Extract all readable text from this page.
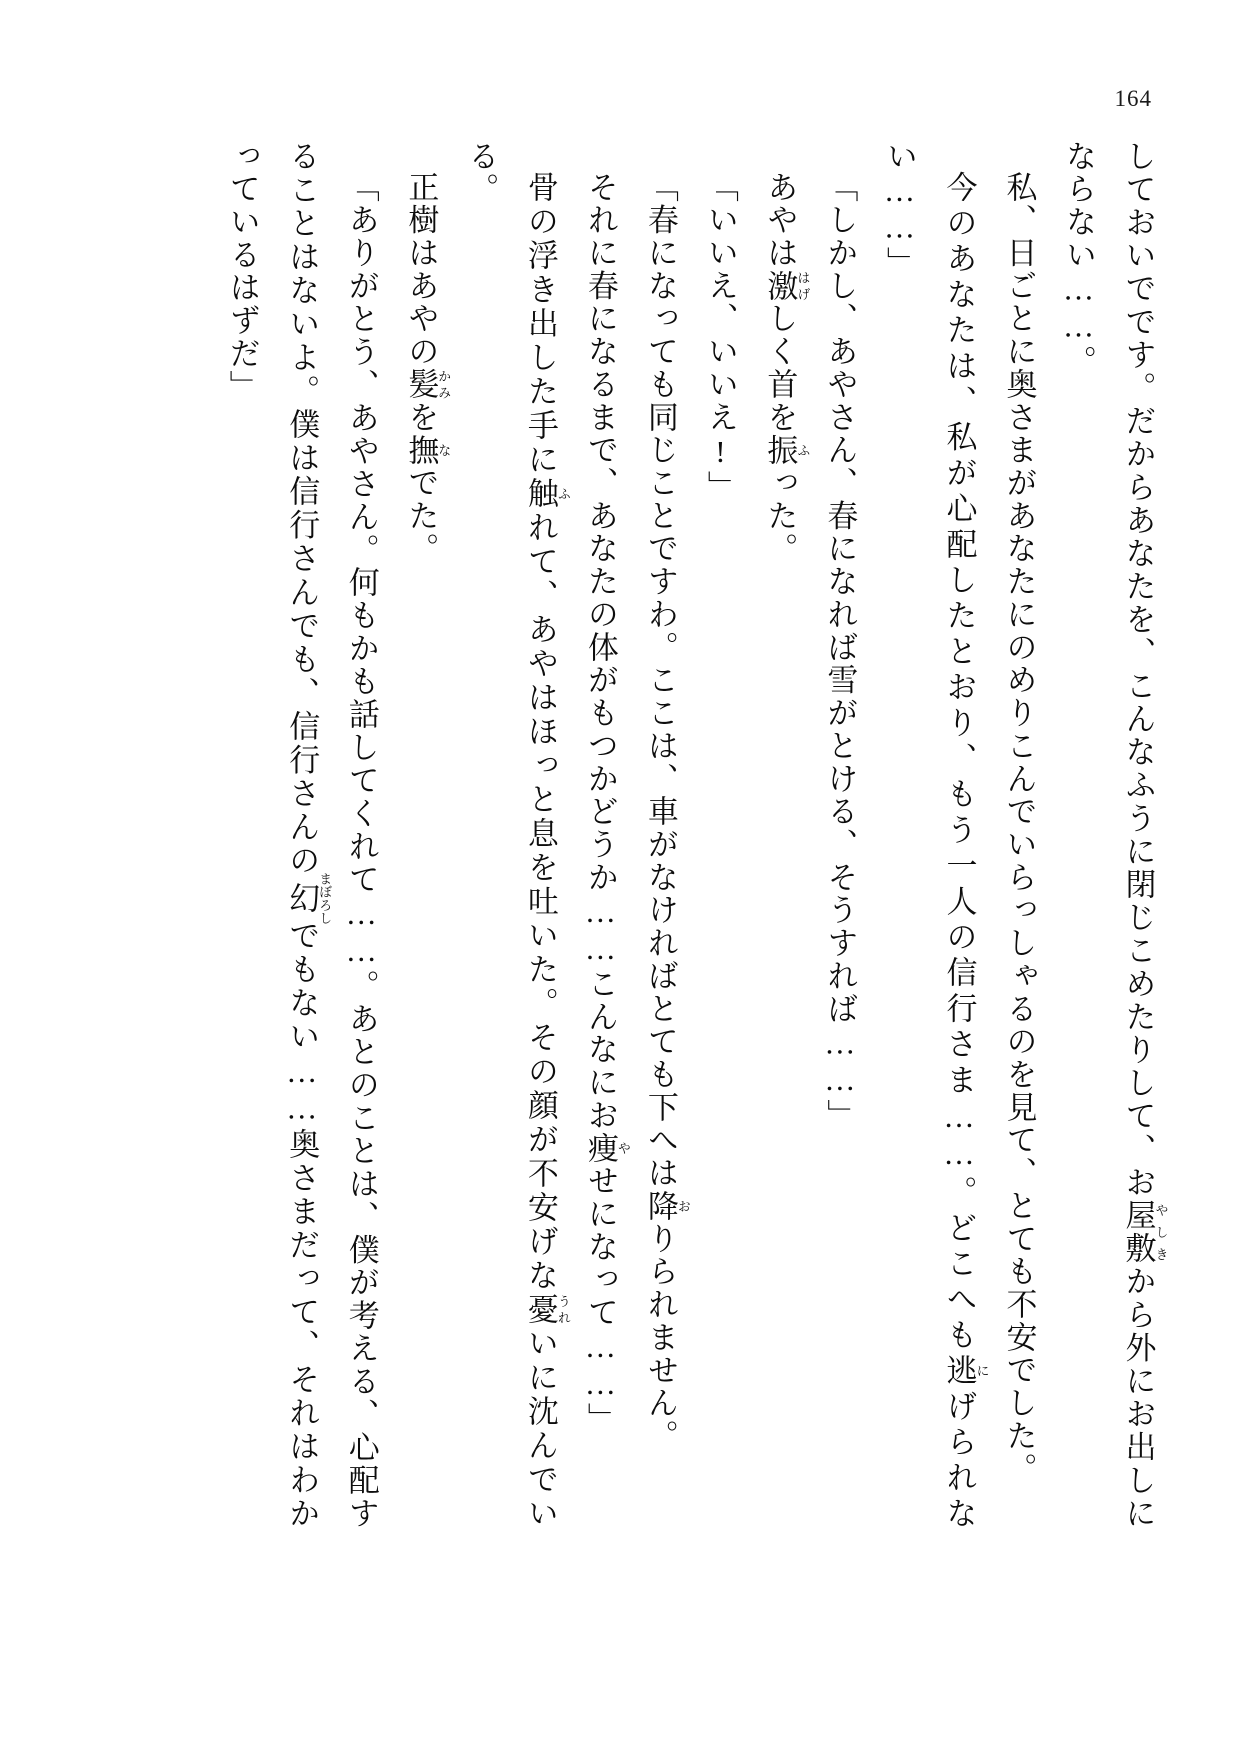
164

しておいでです。だからあなたを、こんなふうに閉じこめたりして、お屋敷やしきから外にお出しにならない……。

私、日ごとに奥さまがあなたにのめりこんでいらっしゃるのを見て、とても不安でした。

今のあなたは、私が心配したとおり、もう一人の信行さま……。どこへも逃にげられない……」

「しかし、あやさん、春になれば雪がとける、そうすれば……」

あやは激はげしく首を振ふった。

「いいえ、いいえ!」

「春になっても同じことですわ。ここは、車がなければとても下へは降おりられません。

それに春になるまで、あなたの体がもつかどうか……こんなにお痩やせになって……」

骨の浮き出した手に触ふれて、あやはほっと息を吐いた。その顔が不安げな憂うれいに沈んでいる。

正樹はあやの髪かみを撫なでた。

「ありがとう、あやさん。何もかも話してくれて……。あとのことは、僕が考える、心配することはないよ。僕は信行さんでも、信行さんの幻まぼろしでもない……奥さまだって、それはわかっているはずだ」
